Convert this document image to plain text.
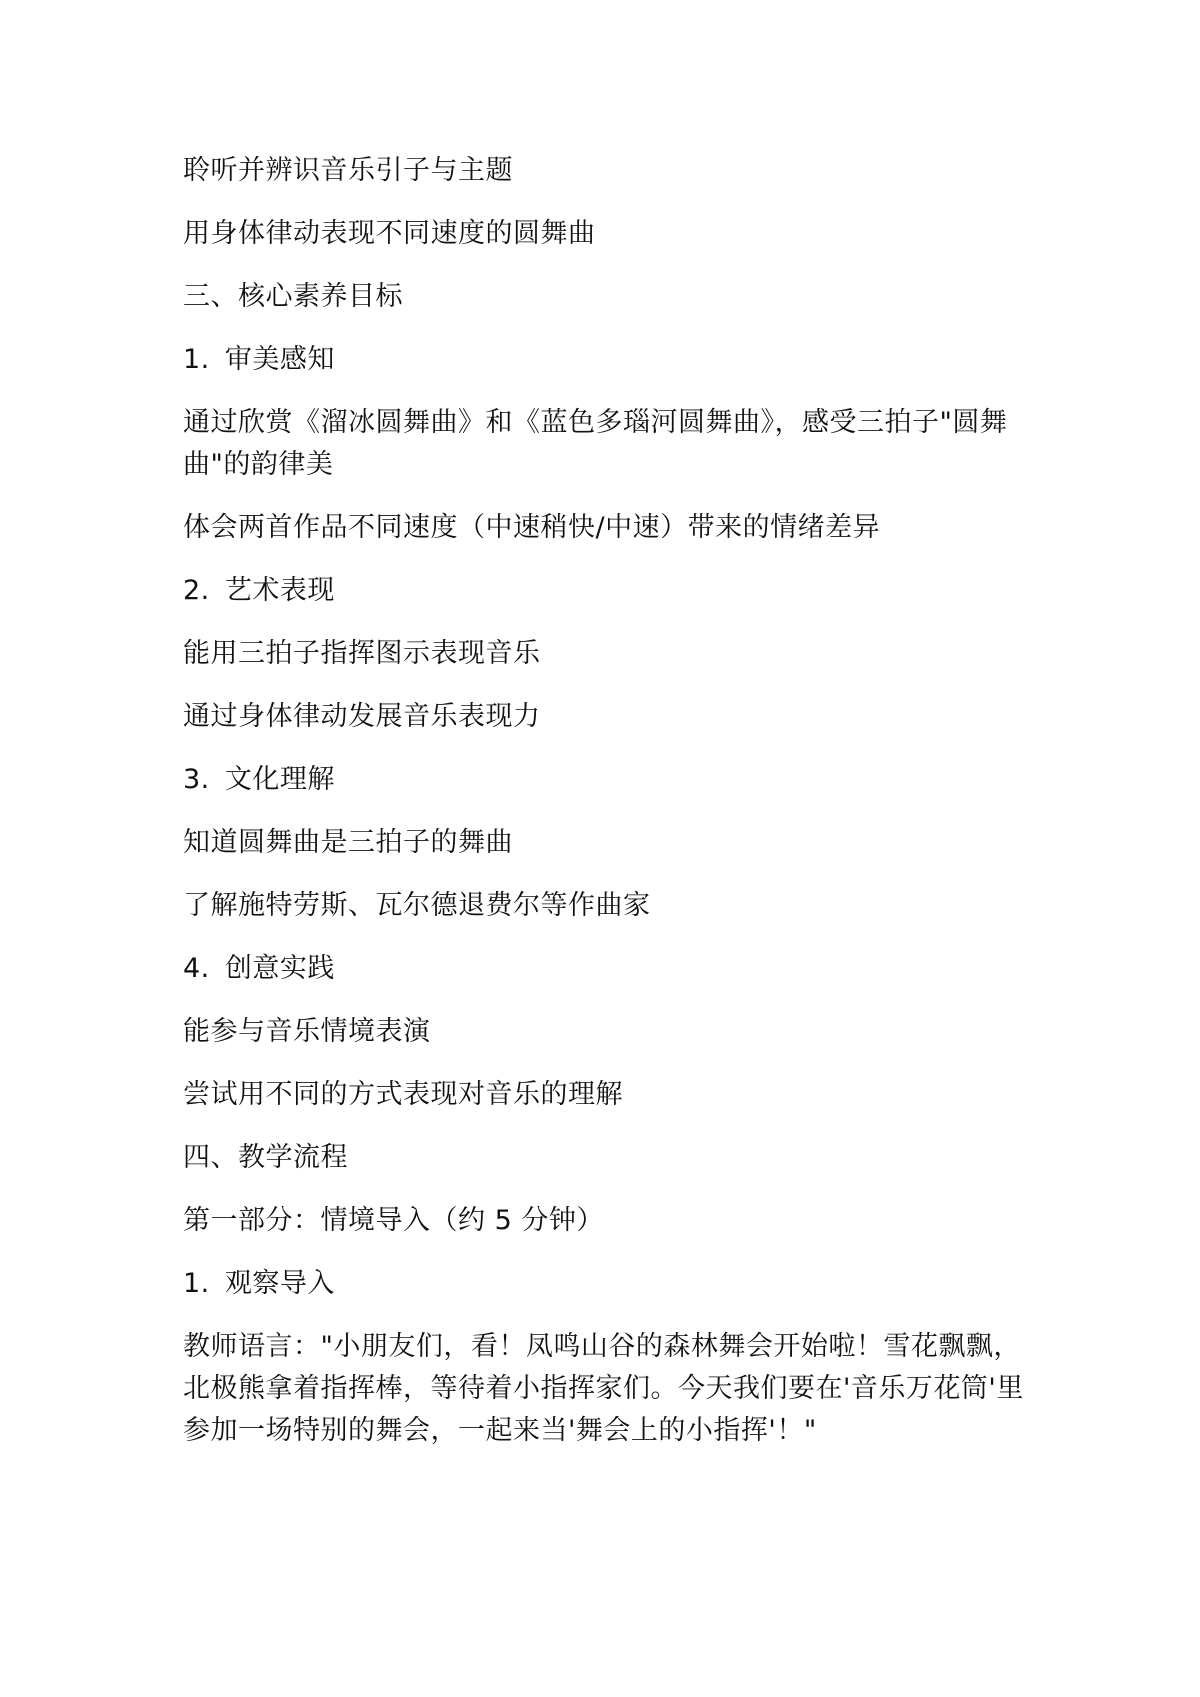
聆听并辨识音乐引子与主题

用身体律动表现不同速度的圆舞曲

三、核心素养目标

1. 审美感知

通过欣赏《溜冰圆舞曲》和《蓝色多瑙河圆舞曲》，感受三拍子"圆舞曲"的韵律美

体会两首作品不同速度（中速稍快/中速）带来的情绪差异

2. 艺术表现

能用三拍子指挥图示表现音乐

通过身体律动发展音乐表现力

3. 文化理解

知道圆舞曲是三拍子的舞曲

了解施特劳斯、瓦尔德退费尔等作曲家

4. 创意实践

能参与音乐情境表演

尝试用不同的方式表现对音乐的理解

四、教学流程

第一部分：情境导入（约 5 分钟）

1. 观察导入

教师语言："小朋友们，看！凤鸣山谷的森林舞会开始啦！雪花飘飘，北极熊拿着指挥棒，等待着小指挥家们。今天我们要在'音乐万花筒'里参加一场特别的舞会，一起来当'舞会上的小指挥'！"
